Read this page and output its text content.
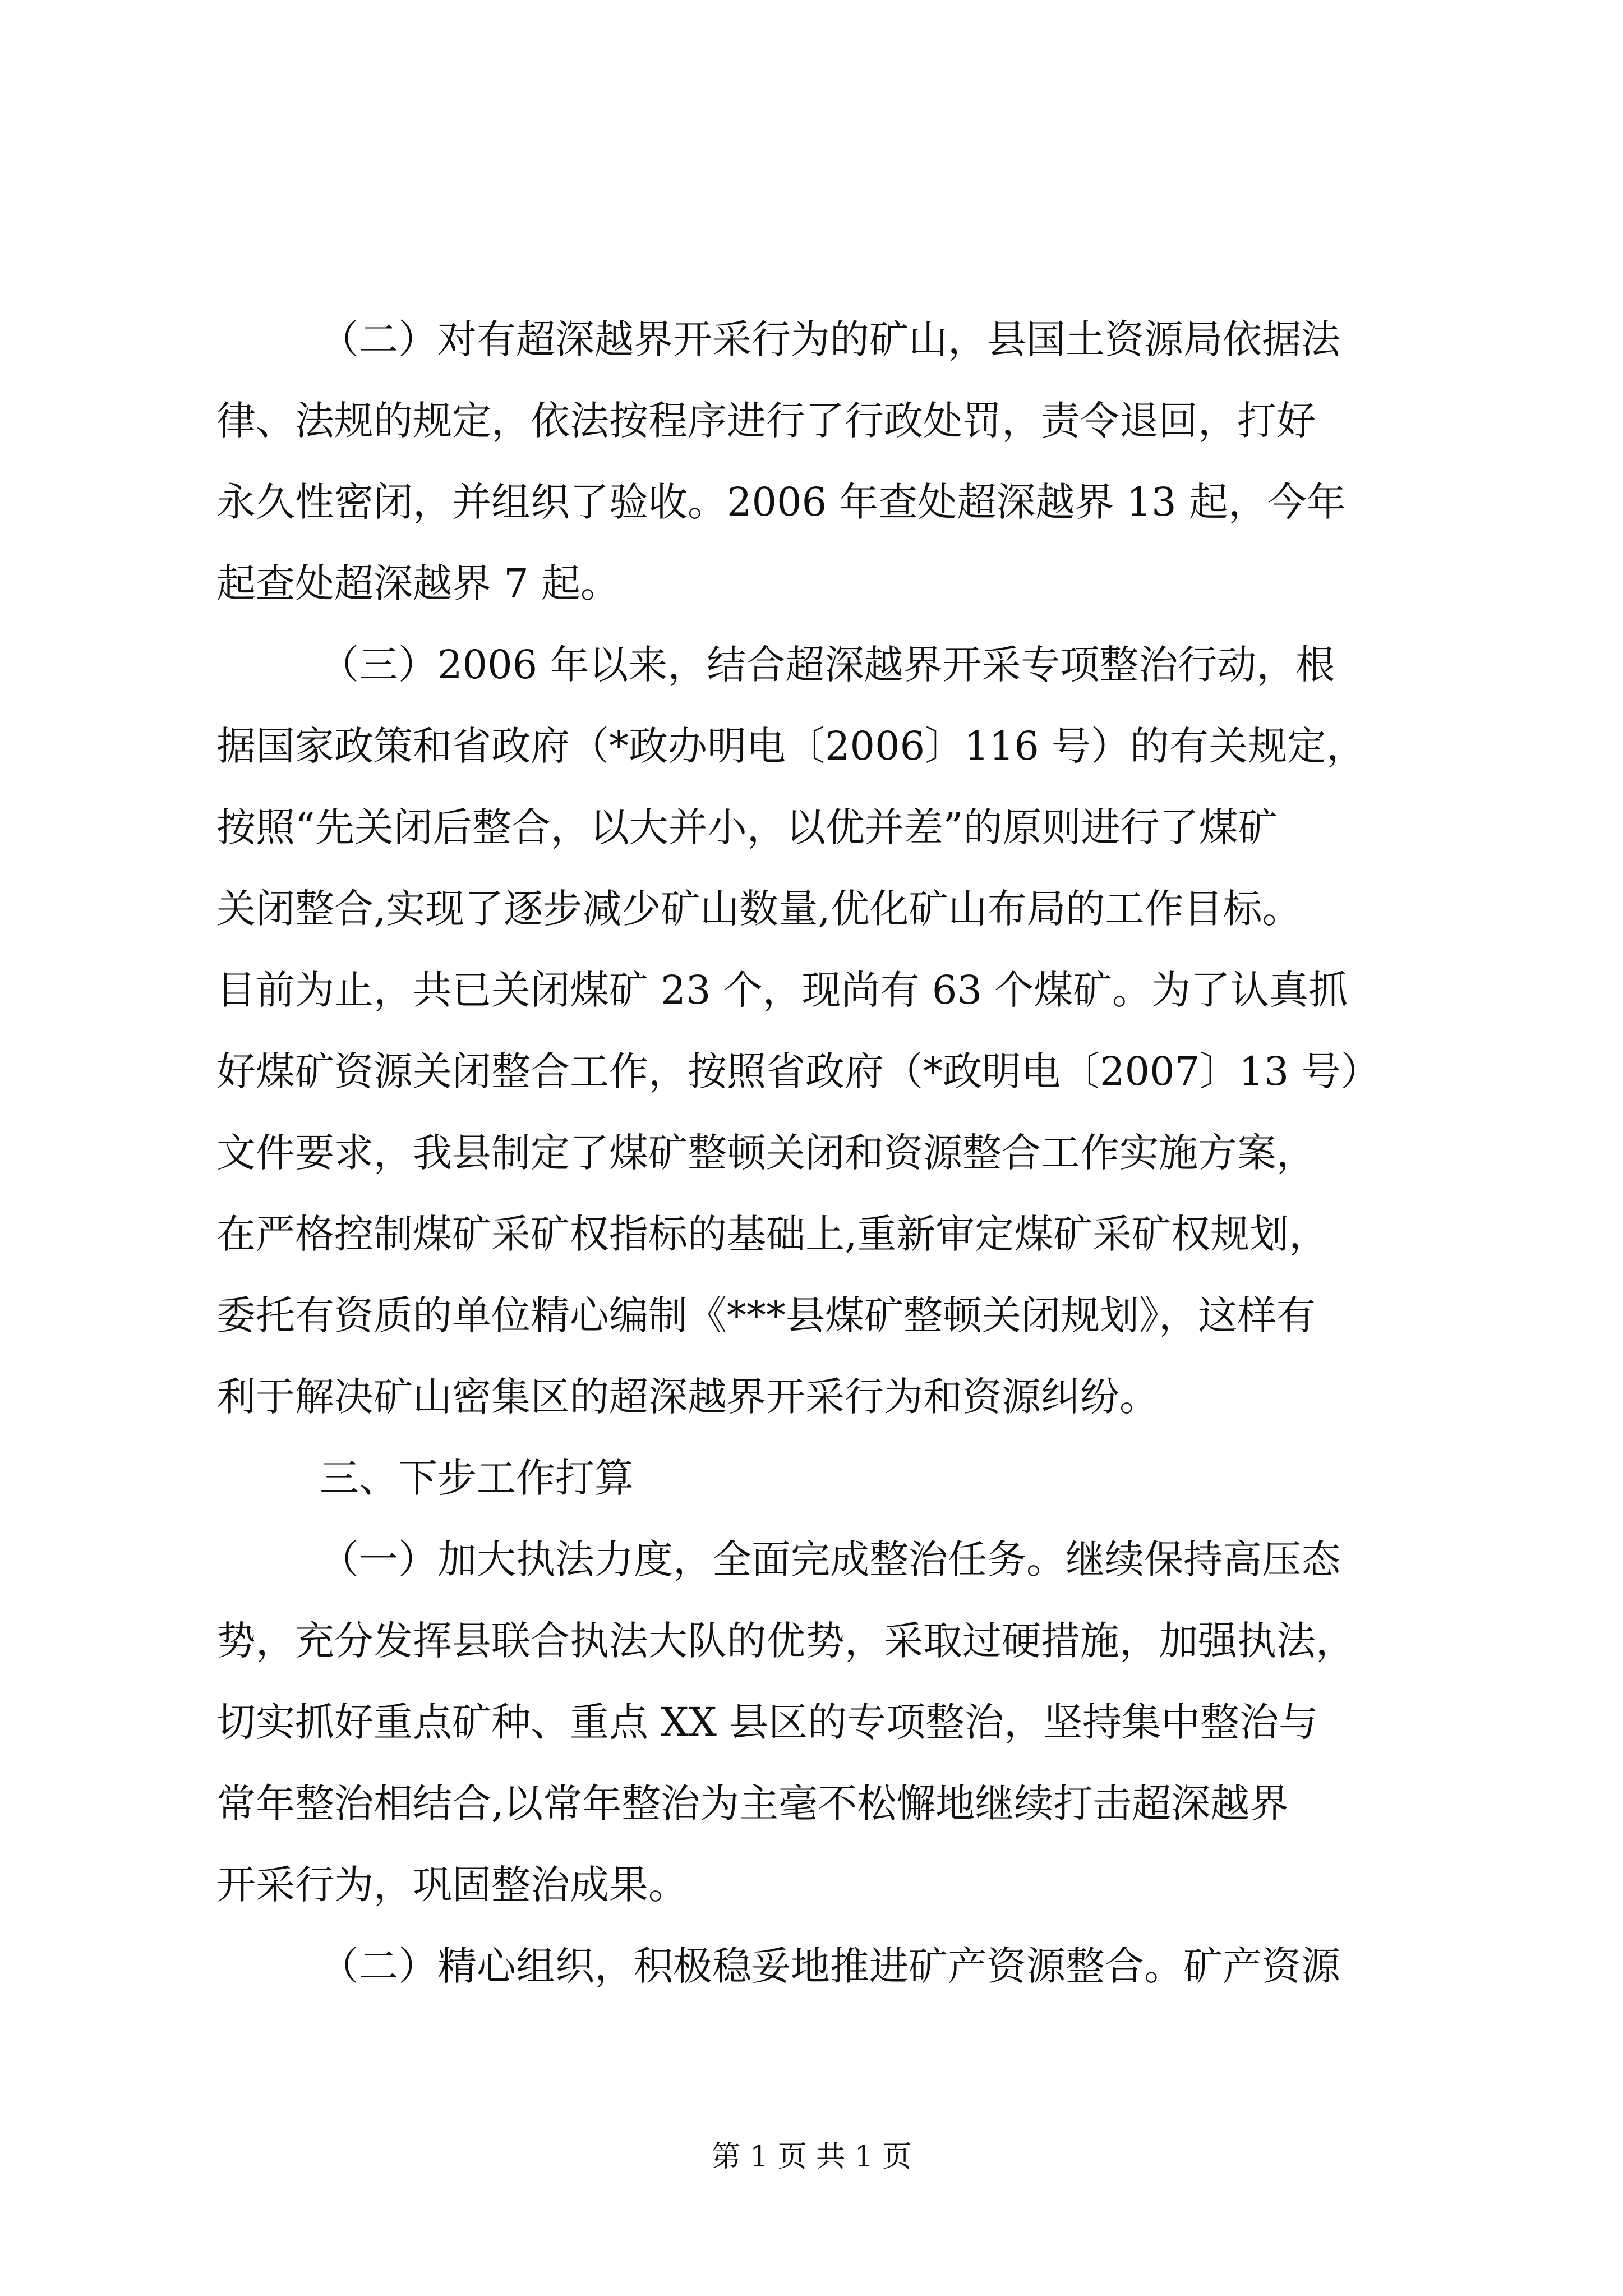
（二）对有超深越界开采行为的矿山，县国土资源局依据法
律、法规的规定，依法按程序进行了行政处罚，责令退回，打好
永久性密闭，并组织了验收。2006 年查处超深越界 13 起，今年
起查处超深越界 7 起。
（三）2006 年以来，结合超深越界开采专项整治行动，根
据国家政策和省政府（*政办明电〔2006〕116 号）的有关规定，
按照“先关闭后整合，以大并小，以优并差”的原则进行了煤矿
关闭整合,实现了逐步减少矿山数量,优化矿山布局的工作目标。
目前为止，共已关闭煤矿 23 个，现尚有 63 个煤矿。为了认真抓
好煤矿资源关闭整合工作，按照省政府（*政明电〔2007〕13 号）
文件要求，我县制定了煤矿整顿关闭和资源整合工作实施方案，
在严格控制煤矿采矿权指标的基础上,重新审定煤矿采矿权规划，
委托有资质的单位精心编制《***县煤矿整顿关闭规划》，这样有
利于解决矿山密集区的超深越界开采行为和资源纠纷。
三、下步工作打算
（一）加大执法力度，全面完成整治任务。继续保持高压态
势，充分发挥县联合执法大队的优势，采取过硬措施，加强执法，
切实抓好重点矿种、重点 XX 县区的专项整治，坚持集中整治与
常年整治相结合,以常年整治为主毫不松懈地继续打击超深越界
开采行为，巩固整治成果。
（二）精心组织，积极稳妥地推进矿产资源整合。矿产资源
第 1 页 共 1 页
